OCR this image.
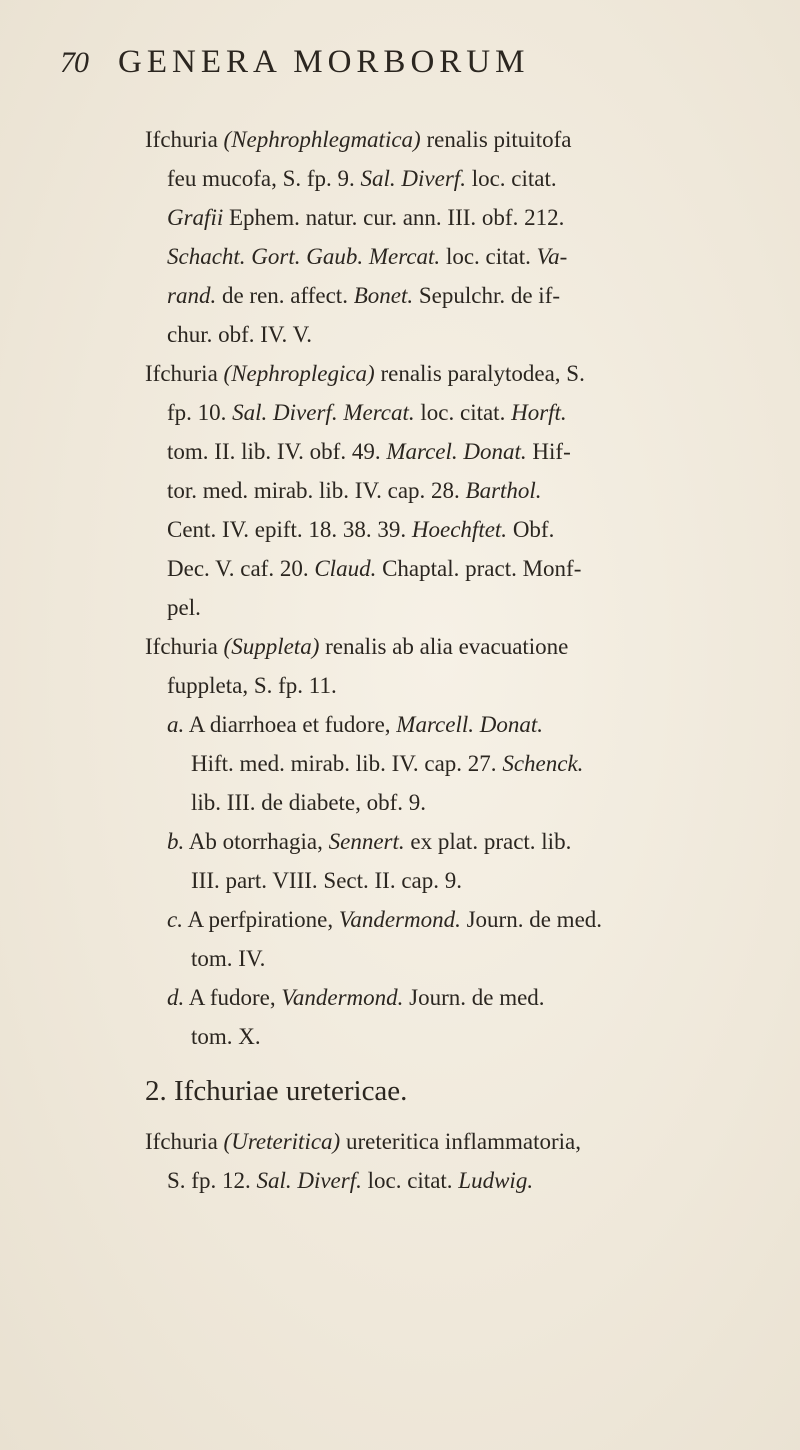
70 GENERA MORBORUM
Ifchuria (Nephrophlegmatica) renalis pituitofa
feu mucofa, S. fp. 9. Sal. Diverf. loc. citat.
Grafii Ephem. natur. cur. ann. III. obf. 212.
Schacht. Gort. Gaub. Mercat. loc. citat. Va-
rand. de ren. affect. Bonet. Sepulchr. de if-
chur. obf. IV. V.
Ifchuria (Nephroplegica) renalis paralytodea, S.
fp. 10. Sal. Diverf. Mercat. loc. citat. Horft.
tom. II. lib. IV. obf. 49. Marcel. Donat. Hif-
tor. med. mirab. lib. IV. cap. 28. Barthol.
Cent. IV. epift. 18. 38. 39. Hoechftet. Obf.
Dec. V. caf. 20. Claud. Chaptal. pract. Monf-
pel.
Ifchuria (Suppleta) renalis ab alia evacuatione
fuppleta, S. fp. 11.
a. A diarrhoea et fudore, Marcell. Donat.
Hift. med. mirab. lib. IV. cap. 27. Schenck.
lib. III. de diabete, obf. 9.
b. Ab otorrhagia, Sennert. ex plat. pract. lib.
III. part. VIII. Sect. II. cap. 9.
c. A perfpiratione, Vandermond. Journ. de med.
tom. IV.
d. A fudore, Vandermond. Journ. de med.
tom. X.
2. Ifchuriae uretericae.
Ifchuria (Ureteritica) ureteritica inflammatoria,
S. fp. 12. Sal. Diverf. loc. citat. Ludwig.
